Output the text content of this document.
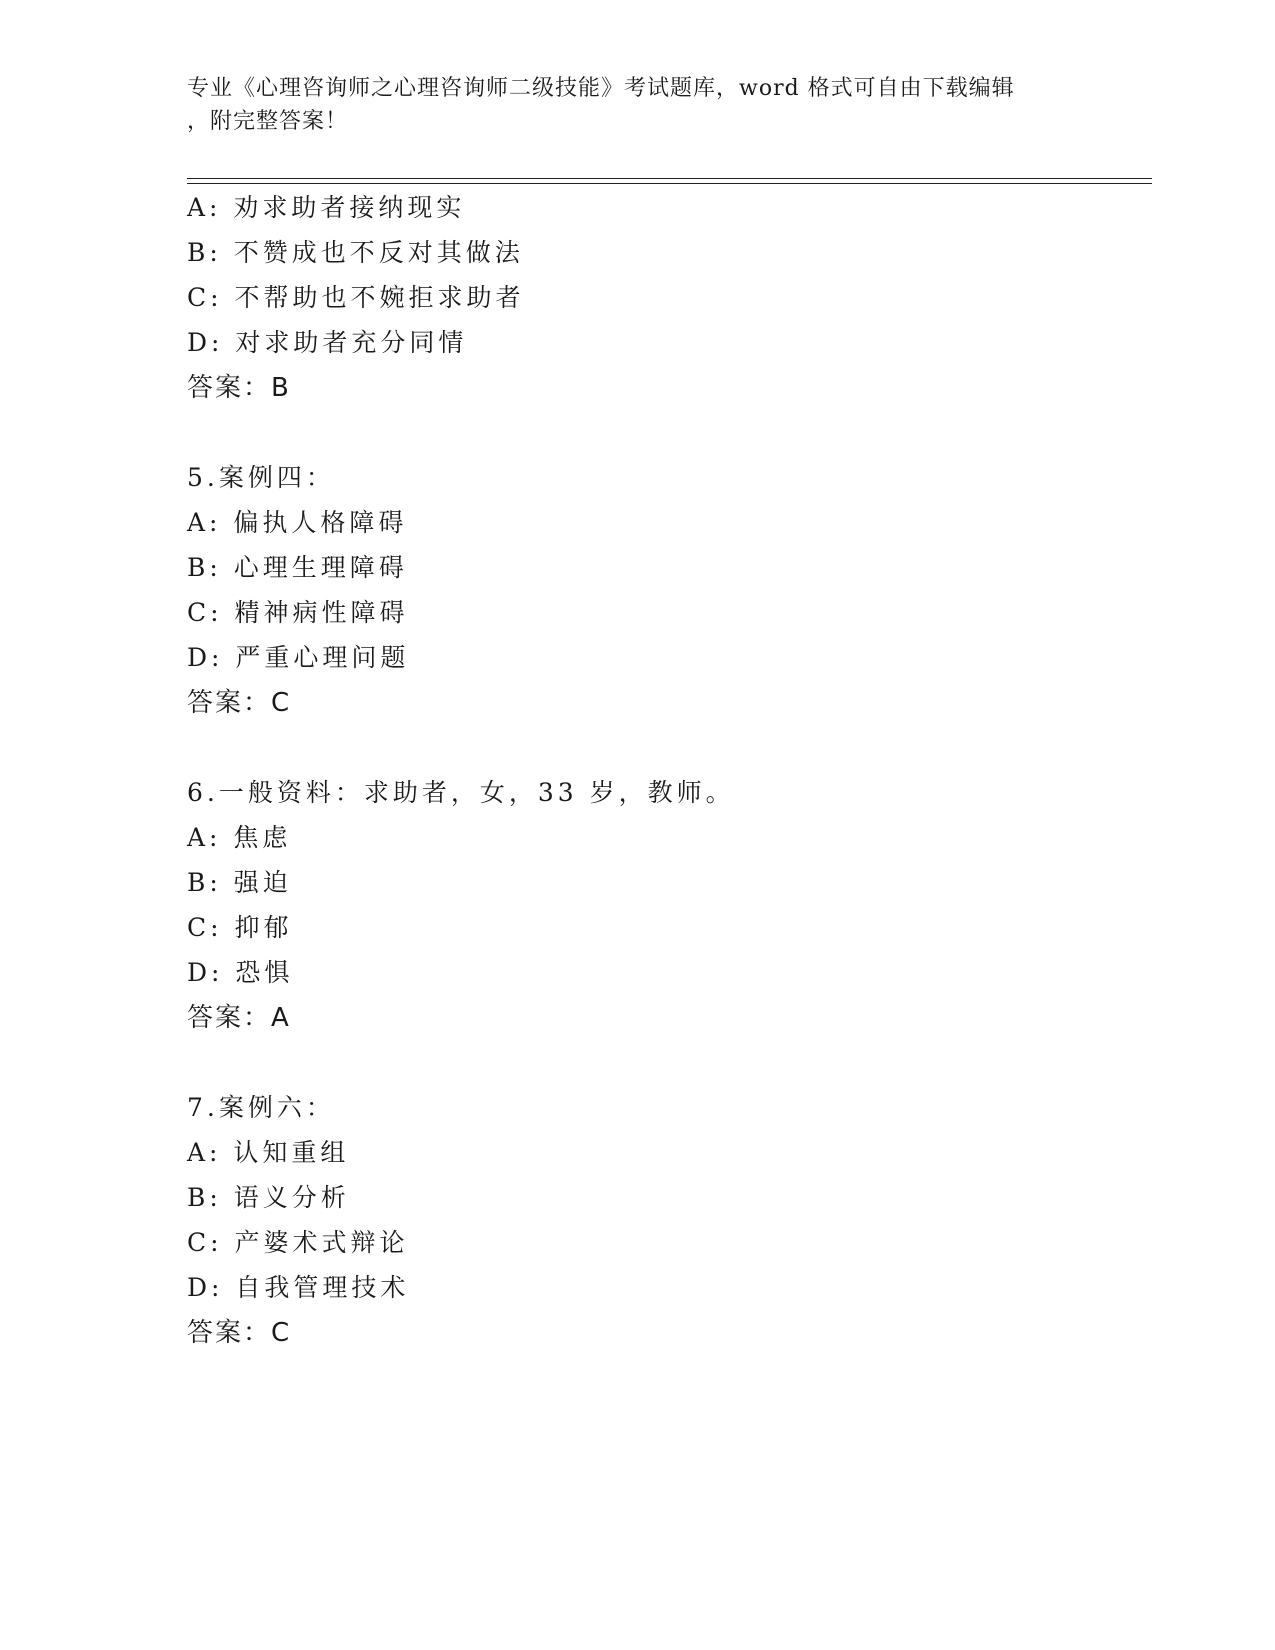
专业《心理咨询师之心理咨询师二级技能》考试题库，word 格式可自由下载编辑
，附完整答案！
A: 劝求助者接纳现实
B: 不赞成也不反对其做法
C: 不帮助也不婉拒求助者
D: 对求助者充分同情
答案：B
5.案例四：
A: 偏执人格障碍
B: 心理生理障碍
C: 精神病性障碍
D: 严重心理问题
答案：C
6.一般资料：求助者，女，33 岁，教师。
A: 焦虑
B: 强迫
C: 抑郁
D: 恐惧
答案：A
7.案例六：
A: 认知重组
B: 语义分析
C: 产婆术式辩论
D: 自我管理技术
答案：C
